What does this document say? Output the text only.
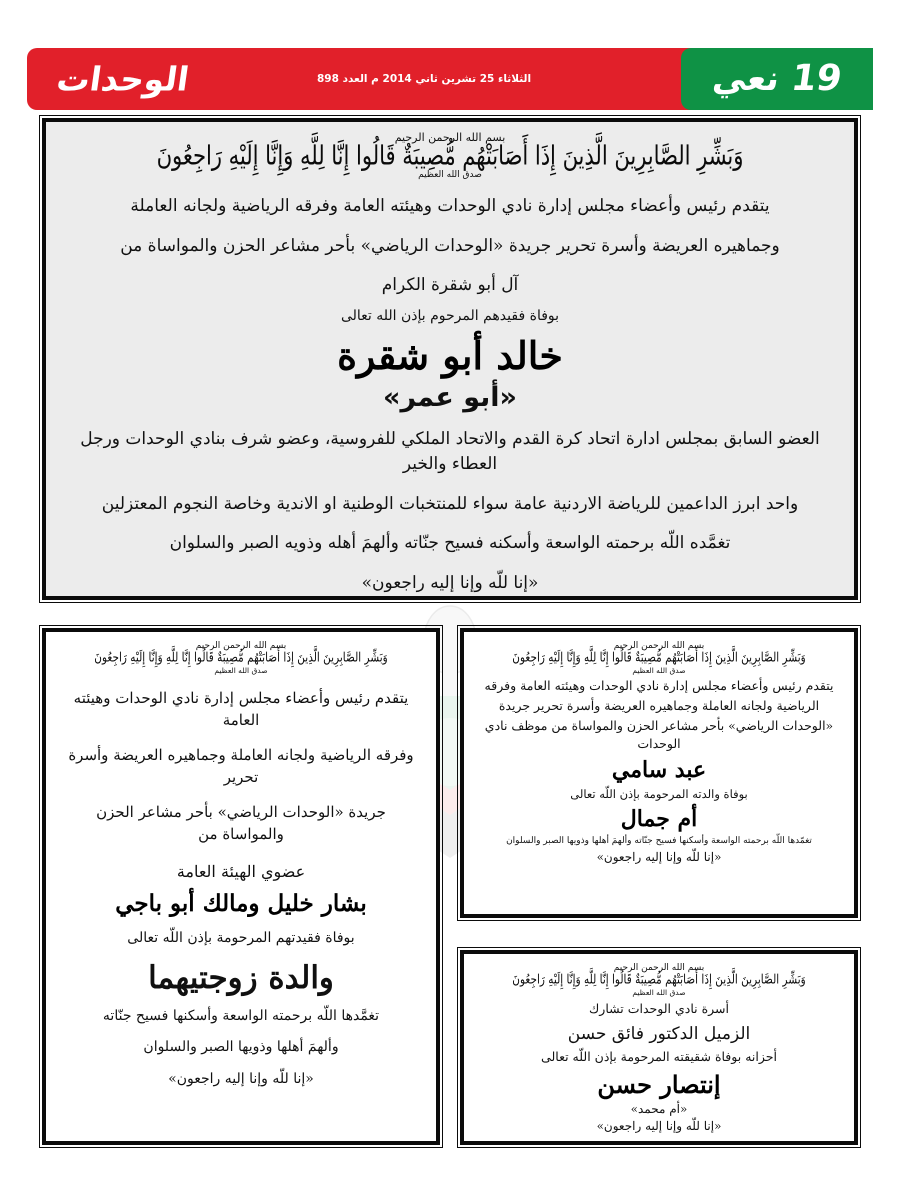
الوحدات	الثلاثاء 25 تشرين ثاني 2014 م العدد 898	19
نعي
بسم الله الرحمن الرحيم
وَبَشِّرِ الصَّابِرِينَ الَّذِينَ إِذَا أَصَابَتْهُم مُّصِيبَةٌ قَالُوا إِنَّا لِلَّهِ وَإِنَّا إِلَيْهِ رَاجِعُونَ
صدق الله العظيم
يتقدم رئيس وأعضاء مجلس إدارة نادي الوحدات وهيئته العامة وفرقه الرياضية ولجانه العاملة
وجماهيره العريضة وأسرة تحرير جريدة «الوحدات الرياضي» بأحر مشاعر الحزن والمواساة من
آل أبو شقرة الكرام
بوفاة فقيدهم المرحوم بإذن الله تعالى
خالد أبو شقرة
«أبو عمر»
العضو السابق بمجلس ادارة اتحاد كرة القدم والاتحاد الملكي للفروسية، وعضو شرف بنادي الوحدات ورجل العطاء والخير
واحد ابرز الداعمين للرياضة الاردنية عامة سواء للمنتخبات الوطنية او الاندية وخاصة النجوم المعتزلين
تغمَّده اللّه برحمته الواسعة وأسكنه فسيح جنّاته وألهمَ أهله وذويه الصبر والسلوان
«إنا للّه وإنا إليه راجعون»
بسم الله الرحمن الرحيم
وَبَشِّرِ الصَّابِرِينَ الَّذِينَ إِذَا أَصَابَتْهُم مُّصِيبَةٌ قَالُوا إِنَّا لِلَّهِ وَإِنَّا إِلَيْهِ رَاجِعُونَ
صدق الله العظيم
يتقدم رئيس وأعضاء مجلس إدارة نادي الوحدات وهيئته العامة
وفرقه الرياضية ولجانه العاملة وجماهيره العريضة وأسرة تحرير
جريدة «الوحدات الرياضي» بأحر مشاعر الحزن والمواساة من
عضوي الهيئة العامة
بشار خليل ومالك أبو باجي
بوفاة فقيدتهم المرحومة بإذن اللّه تعالى
والدة زوجتيهما
تغمَّدها اللّه برحمته الواسعة وأسكنها فسيح جنّاته
وألهمَ أهلها وذويها الصبر والسلوان
«إنا للّه وإنا إليه راجعون»
بسم الله الرحمن الرحيم
وَبَشِّرِ الصَّابِرِينَ الَّذِينَ إِذَا أَصَابَتْهُم مُّصِيبَةٌ قَالُوا إِنَّا لِلَّهِ وَإِنَّا إِلَيْهِ رَاجِعُونَ
صدق الله العظيم
يتقدم رئيس وأعضاء مجلس إدارة نادي الوحدات وهيئته العامة وفرقه
الرياضية ولجانه العاملة وجماهيره العريضة وأسرة تحرير جريدة
«الوحدات الرياضي» بأحر مشاعر الحزن والمواساة من موظف نادي الوحدات
عبد سامي
بوفاة والدته المرحومة بإذن اللّه تعالى
أم جمال
تغمّدها اللّه برحمته الواسعة وأسكنها فسيح جنّاته وألهمَ أهلها وذويها الصبر والسلوان
«إنا للّه وإنا إليه راجعون»
بسم الله الرحمن الرحيم
وَبَشِّرِ الصَّابِرِينَ الَّذِينَ إِذَا أَصَابَتْهُم مُّصِيبَةٌ قَالُوا إِنَّا لِلَّهِ وَإِنَّا إِلَيْهِ رَاجِعُونَ
صدق الله العظيم
أسرة نادي الوحدات تشارك
الزميل الدكتور فائق حسن
أحزانه بوفاة شقيقته المرحومة بإذن اللّه تعالى
إنتصار حسن
«أم محمد»
«إنا للّه وإنا إليه راجعون»
